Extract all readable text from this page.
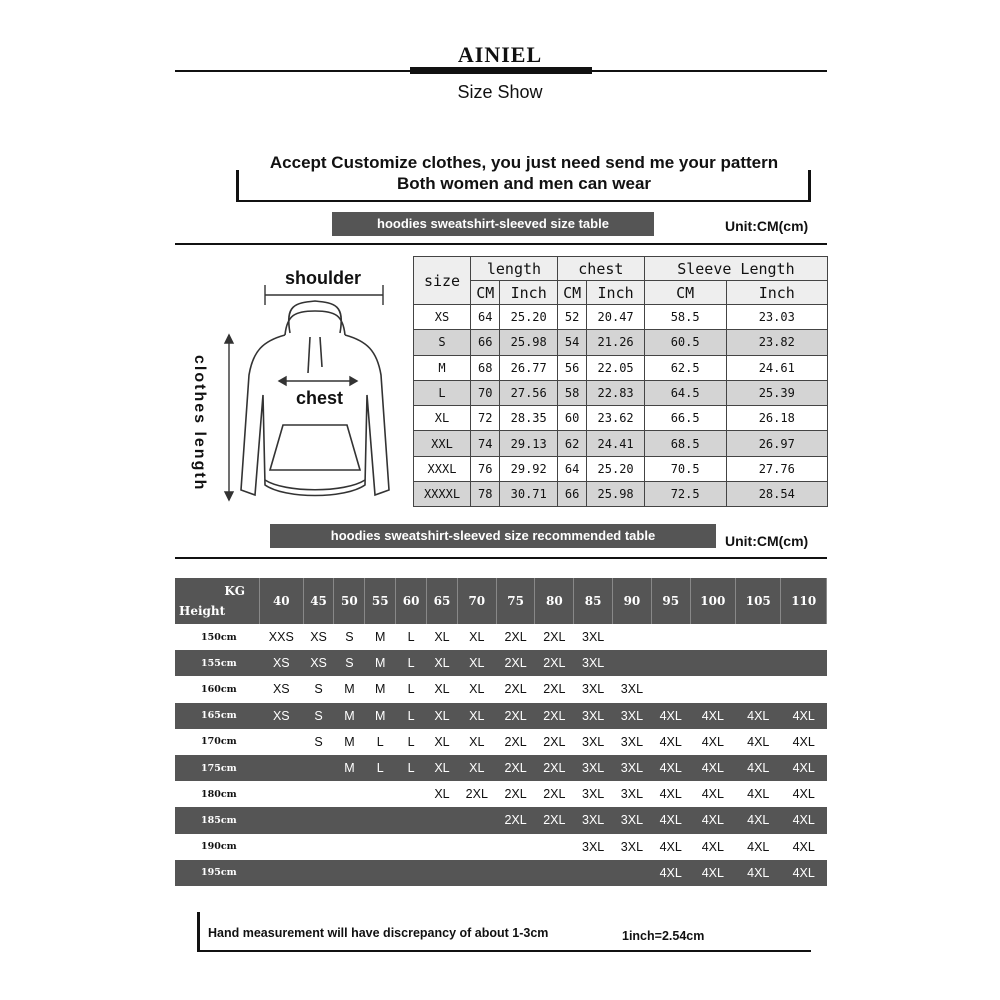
AINIEL
Size Show
Accept Customize clothes, you just need send me your pattern
Both women and men can wear
hoodies sweatshirt-sleeved size table	Unit:CM(cm)
shoulder
chest
clothes length
size	length		chest		Sleeve Length	
	CM	Inch	CM	Inch	CM	Inch
XS	64	25.20	52	20.47	58.5	23.03
S	66	25.98	54	21.26	60.5	23.82
M	68	26.77	56	22.05	62.5	24.61
L	70	27.56	58	22.83	64.5	25.39
XL	72	28.35	60	23.62	66.5	26.18
XXL	74	29.13	62	24.41	68.5	26.97
XXXL	76	29.92	64	25.20	70.5	27.76
XXXXL	78	30.71	66	25.98	72.5	28.54
hoodies sweatshirt-sleeved size recommended table	Unit:CM(cm)
KG
Height	40	45	50	55	60	65	70	75	80	85	90	95	100	105	110
150cm	XXS	XS	S	M	L	XL	XL	2XL	2XL	3XL					
155cm	XS	XS	S	M	L	XL	XL	2XL	2XL	3XL					
160cm	XS	S	M	M	L	XL	XL	2XL	2XL	3XL	3XL				
165cm	XS	S	M	M	L	XL	XL	2XL	2XL	3XL	3XL	4XL	4XL	4XL	4XL
170cm		S	M	L	L	XL	XL	2XL	2XL	3XL	3XL	4XL	4XL	4XL	4XL
175cm			M	L	L	XL	XL	2XL	2XL	3XL	3XL	4XL	4XL	4XL	4XL
180cm						XL	2XL	2XL	2XL	3XL	3XL	4XL	4XL	4XL	4XL
185cm								2XL	2XL	3XL	3XL	4XL	4XL	4XL	4XL
190cm										3XL	3XL	4XL	4XL	4XL	4XL
195cm												4XL	4XL	4XL	4XL
Hand measurement will have discrepancy of about 1-3cm	1inch=2.54cm
